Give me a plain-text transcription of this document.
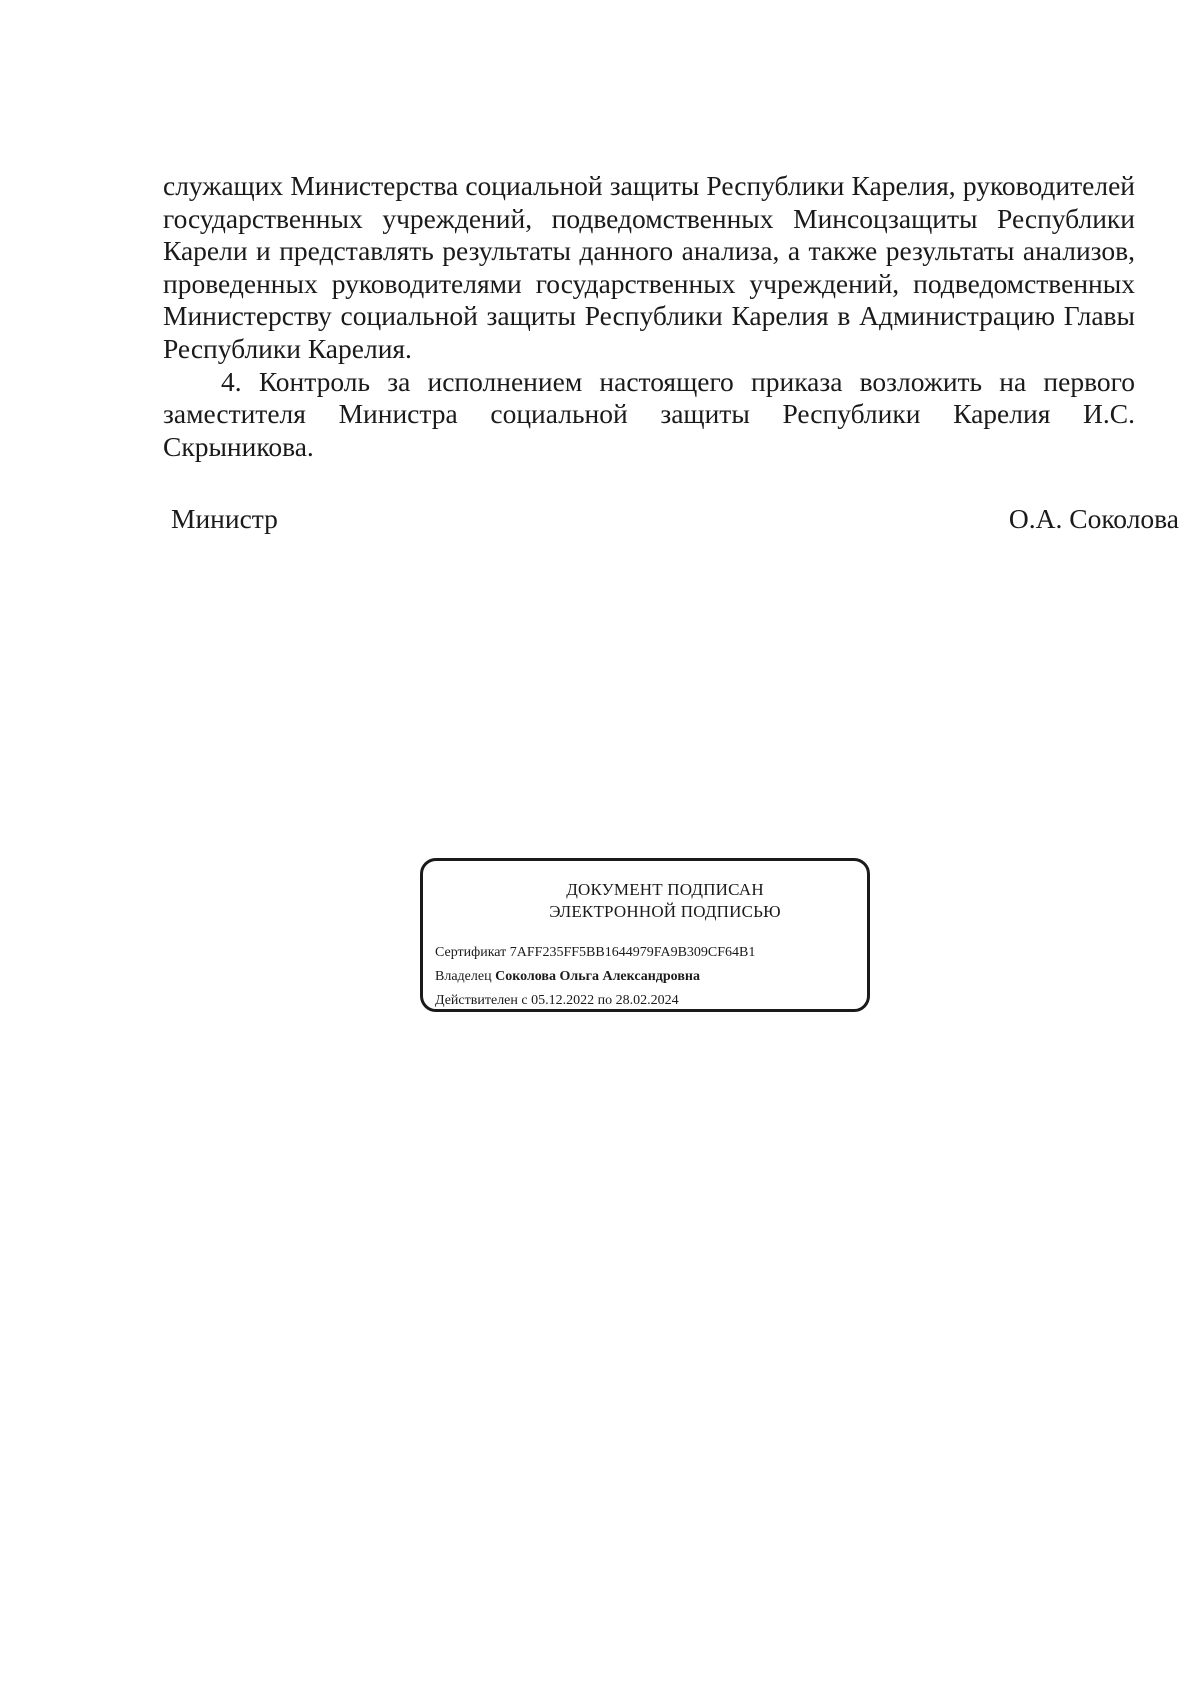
служащих Министерства социальной защиты Республики Карелия, руководителей государственных учреждений, подведомственных Минсоцзащиты Республики Карели и представлять результаты данного анализа, а также результаты анализов, проведенных руководителями государственных учреждений, подведомственных Министерству социальной защиты Республики Карелия в Администрацию Главы Республики Карелия.

4. Контроль за исполнением настоящего приказа возложить на первого заместителя Министра социальной защиты Республики Карелия И.С. Скрыникова.

Министр	О.А. Соколова
ДОКУМЕНТ ПОДПИСАН
ЭЛЕКТРОННОЙ ПОДПИСЬЮ
Сертификат 7AFF235FF5BB1644979FA9B309CF64B1
Владелец Соколова Ольга Александровна
Действителен с 05.12.2022 по 28.02.2024
